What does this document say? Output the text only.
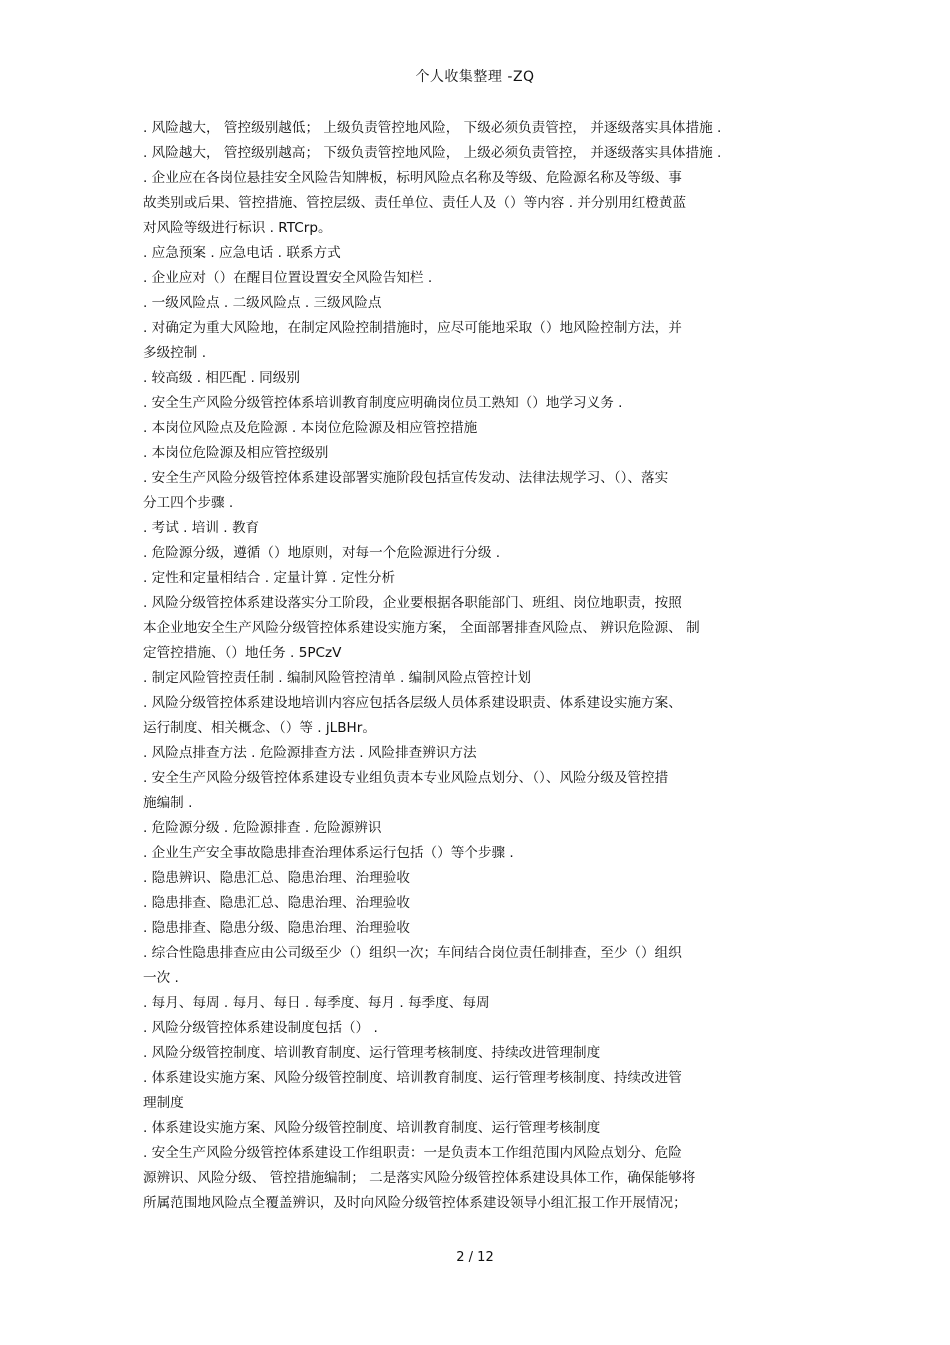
个人收集整理 -ZQ
. 风险越大， 管控级别越低； 上级负责管控地风险， 下级必须负责管控， 并逐级落实具体措施 .
. 风险越大， 管控级别越高； 下级负责管控地风险， 上级必须负责管控， 并逐级落实具体措施 .
. 企业应在各岗位悬挂安全风险告知牌板，标明风险点名称及等级、危险源名称及等级、事
故类别或后果、管控措施、管控层级、责任单位、责任人及（）等内容 . 并分别用红橙黄蓝
对风险等级进行标识 . RTCrp。
. 应急预案 . 应急电话 . 联系方式
. 企业应对（）在醒目位置设置安全风险告知栏 .
. 一级风险点 . 二级风险点 . 三级风险点
. 对确定为重大风险地，在制定风险控制措施时，应尽可能地采取（）地风险控制方法，并
多级控制 .
. 较高级 . 相匹配 . 同级别
. 安全生产风险分级管控体系培训教育制度应明确岗位员工熟知（）地学习义务 .
. 本岗位风险点及危险源 . 本岗位危险源及相应管控措施
. 本岗位危险源及相应管控级别
. 安全生产风险分级管控体系建设部署实施阶段包括宣传发动、法律法规学习、（）、落实
分工四个步骤 .
. 考试 . 培训 . 教育
. 危险源分级，遵循（）地原则，对每一个危险源进行分级 .
. 定性和定量相结合 . 定量计算 . 定性分析
. 风险分级管控体系建设落实分工阶段，企业要根据各职能部门、班组、岗位地职责，按照
本企业地安全生产风险分级管控体系建设实施方案， 全面部署排查风险点、 辨识危险源、 制
定管控措施、（）地任务 . 5PCzV
. 制定风险管控责任制 . 编制风险管控清单 . 编制风险点管控计划
. 风险分级管控体系建设地培训内容应包括各层级人员体系建设职责、体系建设实施方案、
运行制度、相关概念、（）等 . jLBHr。
. 风险点排查方法 . 危险源排查方法 . 风险排查辨识方法
. 安全生产风险分级管控体系建设专业组负责本专业风险点划分、（）、风险分级及管控措
施编制 .
. 危险源分级 . 危险源排查 . 危险源辨识
. 企业生产安全事故隐患排查治理体系运行包括（）等个步骤 .
. 隐患辨识、隐患汇总、隐患治理、治理验收
. 隐患排查、隐患汇总、隐患治理、治理验收
. 隐患排查、隐患分级、隐患治理、治理验收
. 综合性隐患排查应由公司级至少（）组织一次；车间结合岗位责任制排查，至少（）组织
一次 .
. 每月、每周 . 每月、每日 . 每季度、每月 . 每季度、每周
. 风险分级管控体系建设制度包括（） .
. 风险分级管控制度、培训教育制度、运行管理考核制度、持续改进管理制度
. 体系建设实施方案、风险分级管控制度、培训教育制度、运行管理考核制度、持续改进管
理制度
. 体系建设实施方案、风险分级管控制度、培训教育制度、运行管理考核制度
. 安全生产风险分级管控体系建设工作组职责：一是负责本工作组范围内风险点划分、危险
源辨识、风险分级、 管控措施编制； 二是落实风险分级管控体系建设具体工作，确保能够将
所属范围地风险点全覆盖辨识，及时向风险分级管控体系建设领导小组汇报工作开展情况；
2 / 12
